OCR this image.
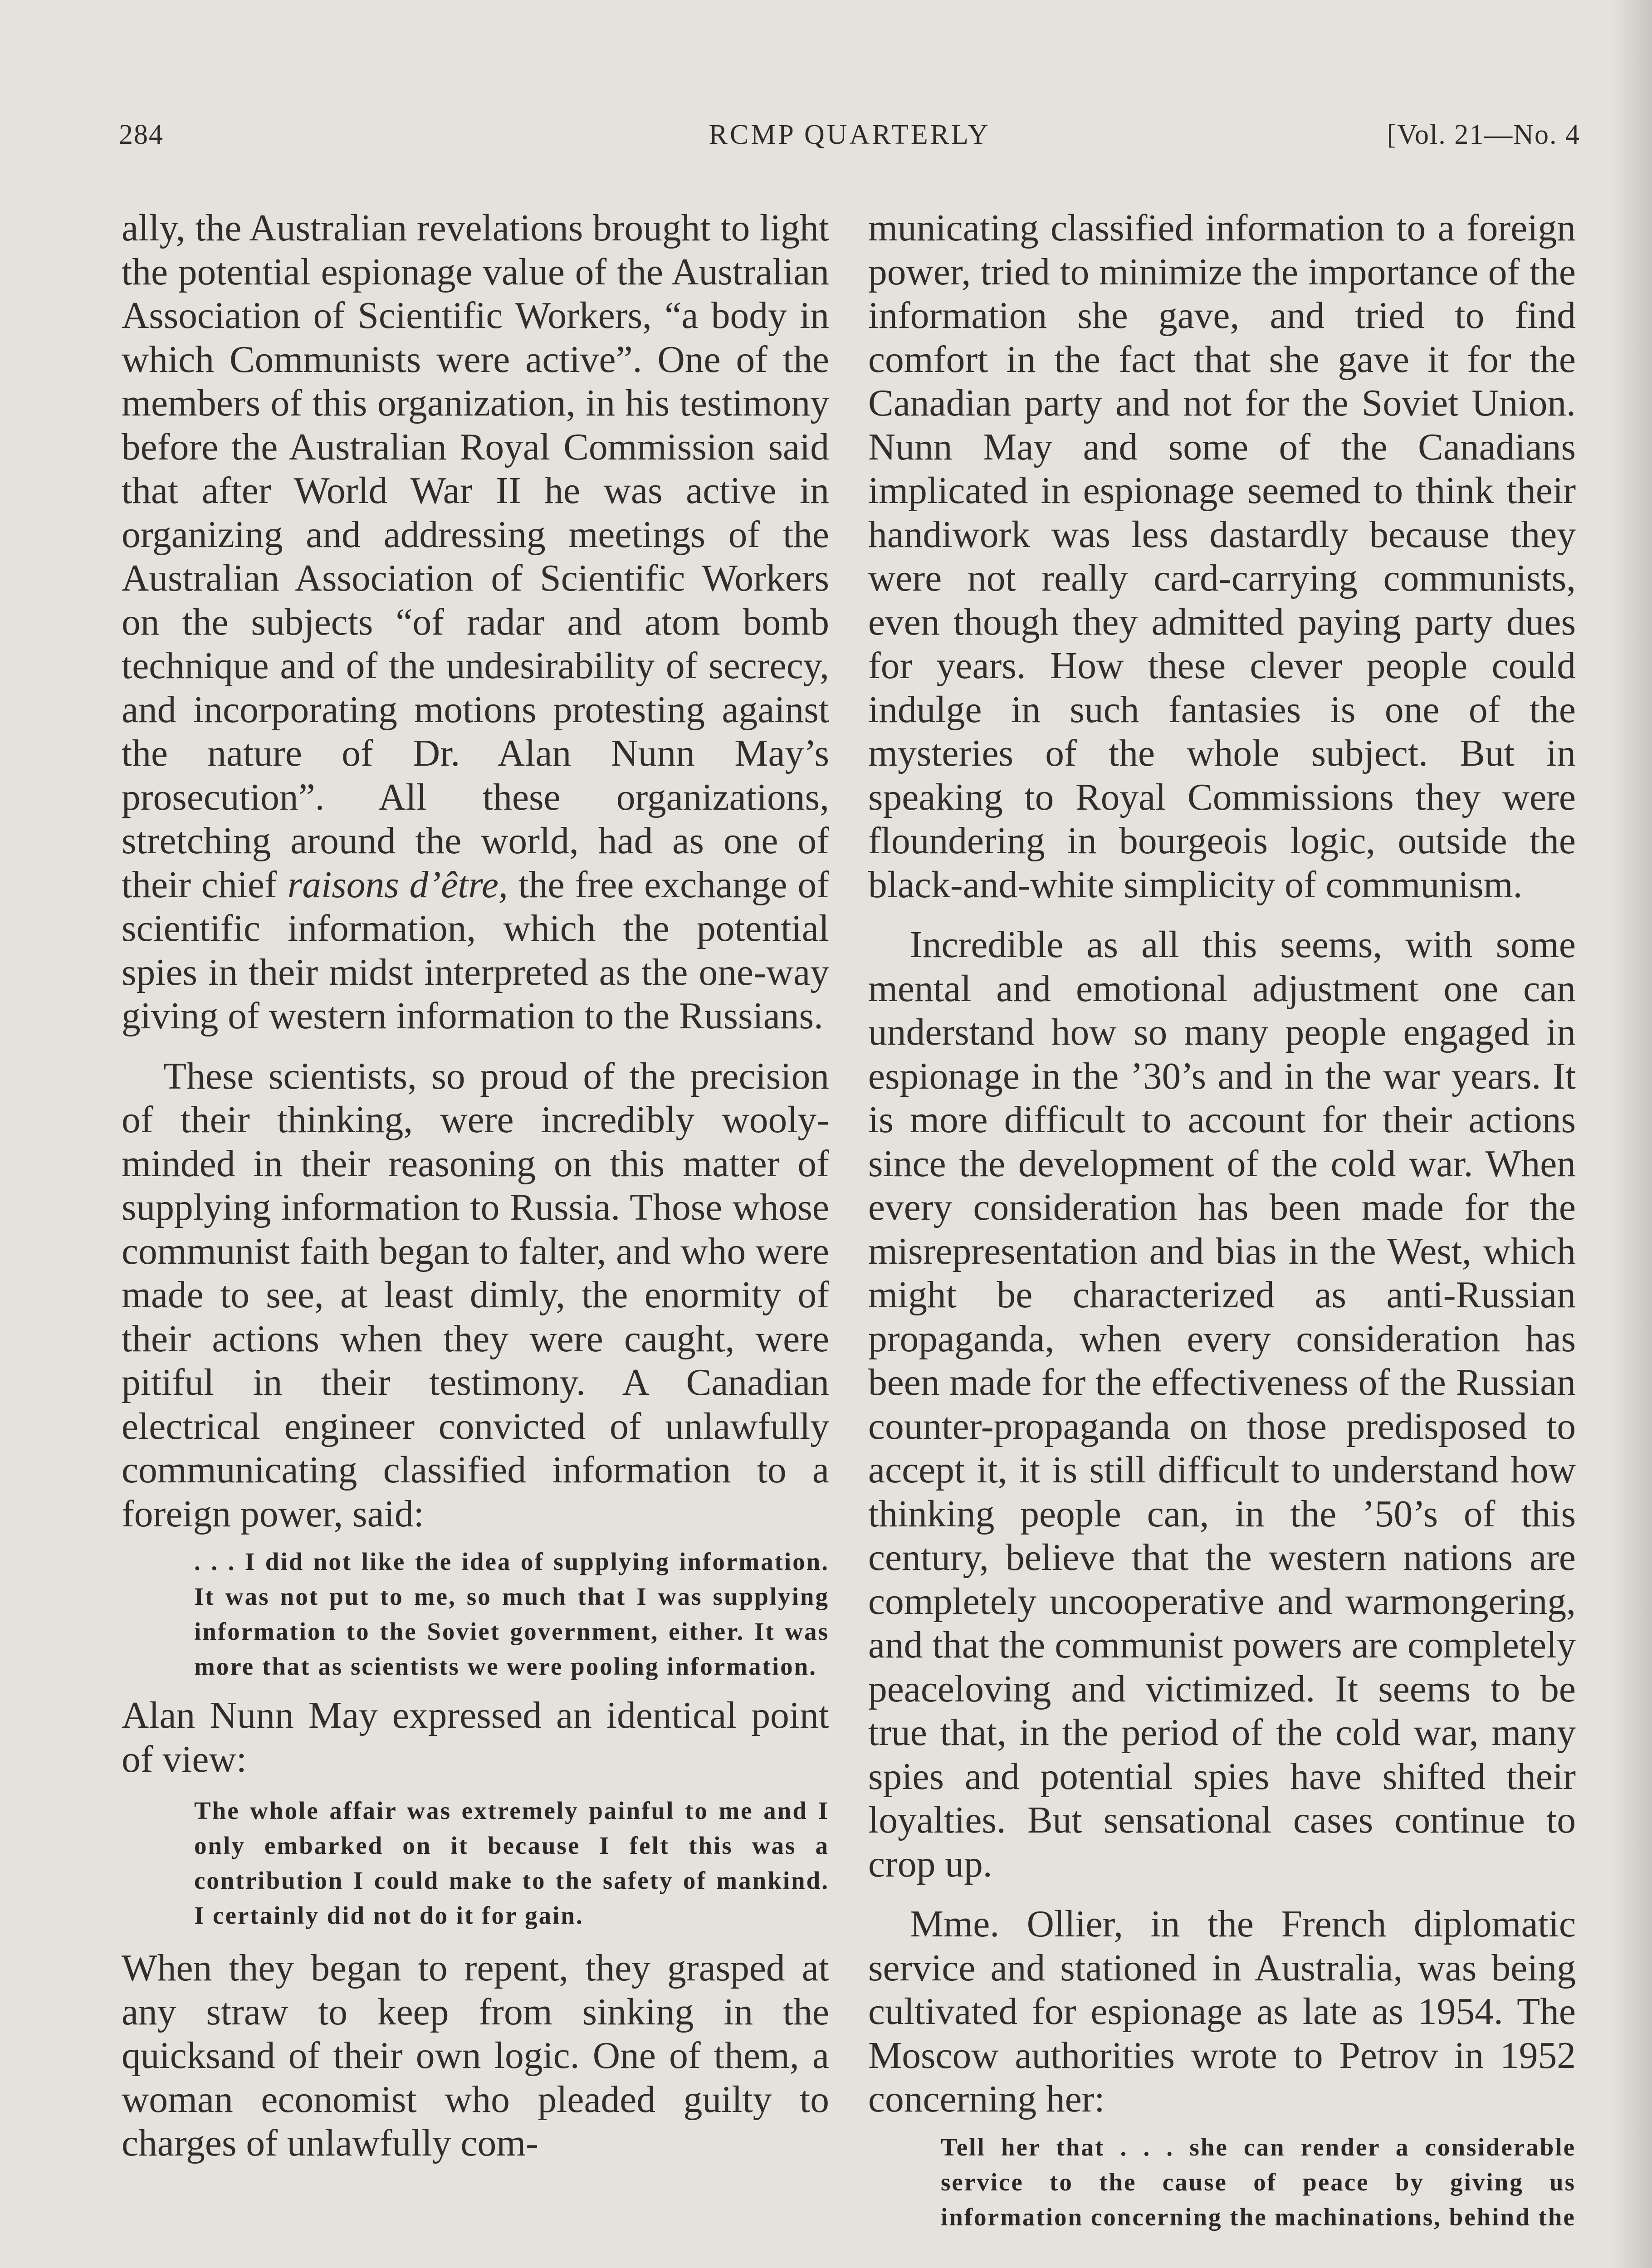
284	RCMP QUARTERLY	[Vol. 21—No. 4

ally, the Australian revelations brought to light the potential espionage value of the Australian Association of Scientific Workers, “a body in which Communists were active”. One of the members of this organization, in his testimony before the Australian Royal Commission said that after World War II he was active in organizing and addressing meetings of the Australian Association of Scientific Workers on the subjects “of radar and atom bomb technique and of the undesirability of secrecy, and incorporating motions protesting against the nature of Dr. Alan Nunn May’s prosecution”. All these organizations, stretching around the world, had as one of their chief raisons d’être, the free exchange of scientific information, which the potential spies in their midst interpreted as the one-way giving of western information to the Russians.

These scientists, so proud of the precision of their thinking, were incredibly wooly-minded in their reasoning on this matter of supplying information to Russia. Those whose communist faith began to falter, and who were made to see, at least dimly, the enormity of their actions when they were caught, were pitiful in their testimony. A Canadian electrical engineer convicted of unlawfully communicating classified information to a foreign power, said:

. . . I did not like the idea of supplying information. It was not put to me, so much that I was supplying information to the Soviet government, either. It was more that as scientists we were pooling information.

Alan Nunn May expressed an identical point of view:

The whole affair was extremely painful to me and I only embarked on it because I felt this was a contribution I could make to the safety of mankind. I certainly did not do it for gain.

When they began to repent, they grasped at any straw to keep from sinking in the quicksand of their own logic. One of them, a woman economist who pleaded guilty to charges of unlawfully com-

municating classified information to a foreign power, tried to minimize the importance of the information she gave, and tried to find comfort in the fact that she gave it for the Canadian party and not for the Soviet Union. Nunn May and some of the Canadians implicated in espionage seemed to think their handiwork was less dastardly because they were not really card-carrying communists, even though they admitted paying party dues for years. How these clever people could indulge in such fantasies is one of the mysteries of the whole subject. But in speaking to Royal Commissions they were floundering in bourgeois logic, outside the black-and-white simplicity of communism.

Incredible as all this seems, with some mental and emotional adjustment one can understand how so many people engaged in espionage in the ’30’s and in the war years. It is more difficult to account for their actions since the development of the cold war. When every consideration has been made for the misrepresentation and bias in the West, which might be characterized as anti-Russian propaganda, when every consideration has been made for the effectiveness of the Russian counter-propaganda on those predisposed to accept it, it is still difficult to understand how thinking people can, in the ’50’s of this century, believe that the western nations are completely uncooperative and warmongering, and that the communist powers are completely peaceloving and victimized. It seems to be true that, in the period of the cold war, many spies and potential spies have shifted their loyalties. But sensational cases continue to crop up.

Mme. Ollier, in the French diplomatic service and stationed in Australia, was being cultivated for espionage as late as 1954. The Moscow authorities wrote to Petrov in 1952 concerning her:

Tell her that . . . she can render a considerable service to the cause of peace by giving us information concerning the machinations, behind the
